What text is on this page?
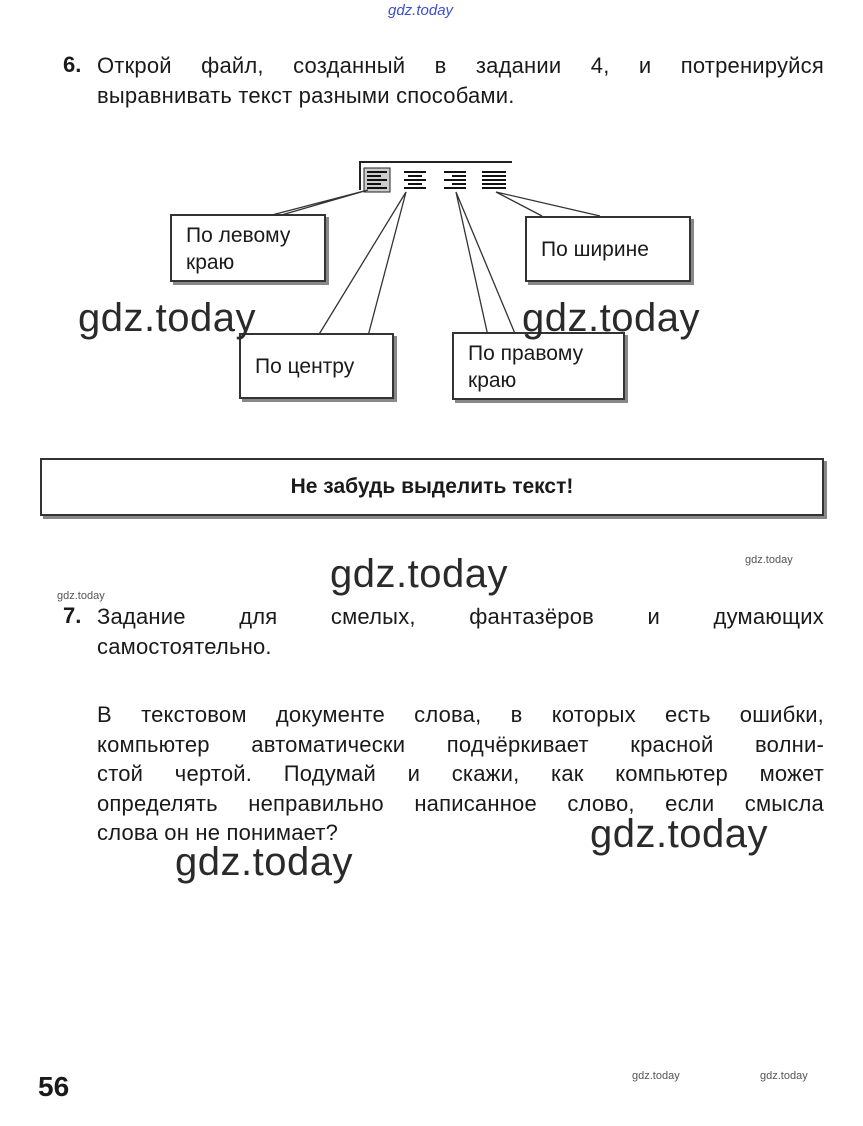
gdz.today
6. Открой файл, созданный в задании 4, и потренируйся
выравнивать текст разными способами.
По левому
краю
По ширине
По центру
По правому
краю
gdz.today	gdz.today
Не забудь выделить текст!
gdz.today	gdz.today
gdz.today
7. Задание для смелых, фантазёров и думающих
самостоятельно.
В текстовом документе слова, в которых есть ошибки,
компьютер автоматически подчёркивает красной волни-
стой чертой. Подумай и скажи, как компьютер может
определять неправильно написанное слово, если смысла
слова он не понимает?	gdz.today
gdz.today
56	gdz.today	gdz.today
